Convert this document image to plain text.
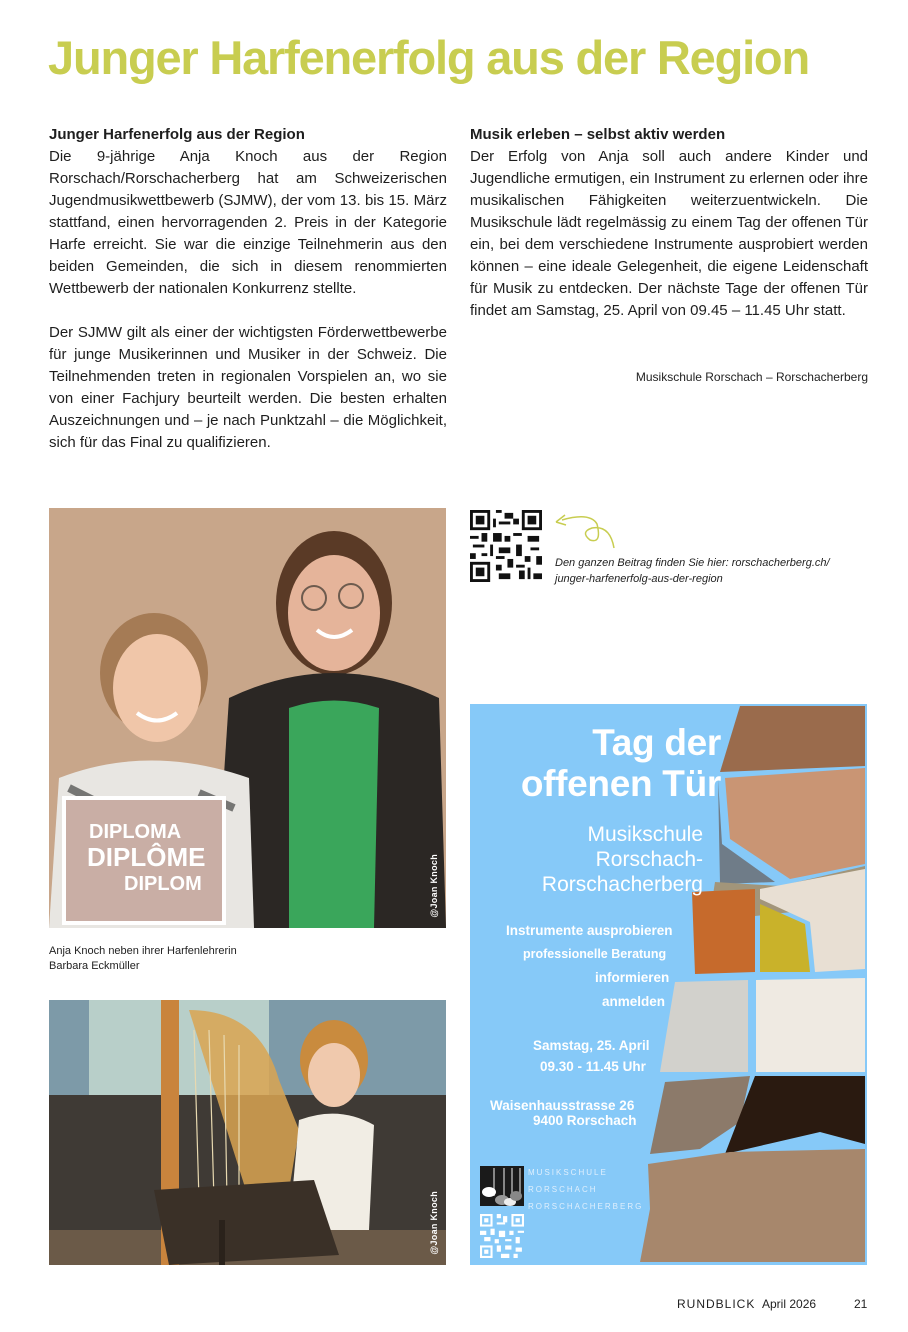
Junger Harfenerfolg aus der Region
Junger Harfenerfolg aus der Region

Die 9-jährige Anja Knoch aus der Region Rorschach/Rorschacherberg hat am Schweizerischen Jugendmusikwettbewerb (SJMW), der vom 13. bis 15. März stattfand, einen hervorragenden 2. Preis in der Kategorie Harfe erreicht. Sie war die einzige Teilnehmerin aus den beiden Gemeinden, die sich in diesem renommierten Wettbewerb der nationalen Konkurrenz stellte.

Der SJMW gilt als einer der wichtigsten Förderwettbewerbe für junge Musikerinnen und Musiker in der Schweiz. Die Teilnehmenden treten in regionalen Vorspielen an, wo sie von einer Fachjury beurteilt werden. Die besten erhalten Auszeichnungen und – je nach Punktzahl – die Möglichkeit, sich für das Final zu qualifizieren.

Musik erleben – selbst aktiv werden

Der Erfolg von Anja soll auch andere Kinder und Jugendliche ermutigen, ein Instrument zu erlernen oder ihre musikalischen Fähigkeiten weiterzuentwickeln. Die Musikschule lädt regelmässig zu einem Tag der offenen Tür ein, bei dem verschiedene Instrumente ausprobiert werden können – eine ideale Gelegenheit, die eigene Leidenschaft für Musik zu entdecken. Der nächste Tage der offenen Tür findet am Samstag, 25. April von 09.45 – 11.45 Uhr statt.

Musikschule Rorschach – Rorschacherberg
DIPLOMA
DIPLÔME
DIPLOM	@Joan Knoch
Anja Knoch neben ihrer Harfenlehrerin
Barbara Eckmüller
@Joan Knoch
Den ganzen Beitrag finden Sie hier: rorschacherberg.ch/
junger-harfenerfolg-aus-der-region
Tag der
offenen Tür
Musikschule
Rorschach-
Rorschacherberg
Instrumente ausprobieren
professionelle Beratung
informieren
anmelden
Samstag, 25. April
09.30 - 11.45 Uhr
Waisenhausstrasse 26
9400 Rorschach
MUSIKSCHULE
RORSCHACH
RORSCHACHERBERG
RUNDBLICK April 2026	21
